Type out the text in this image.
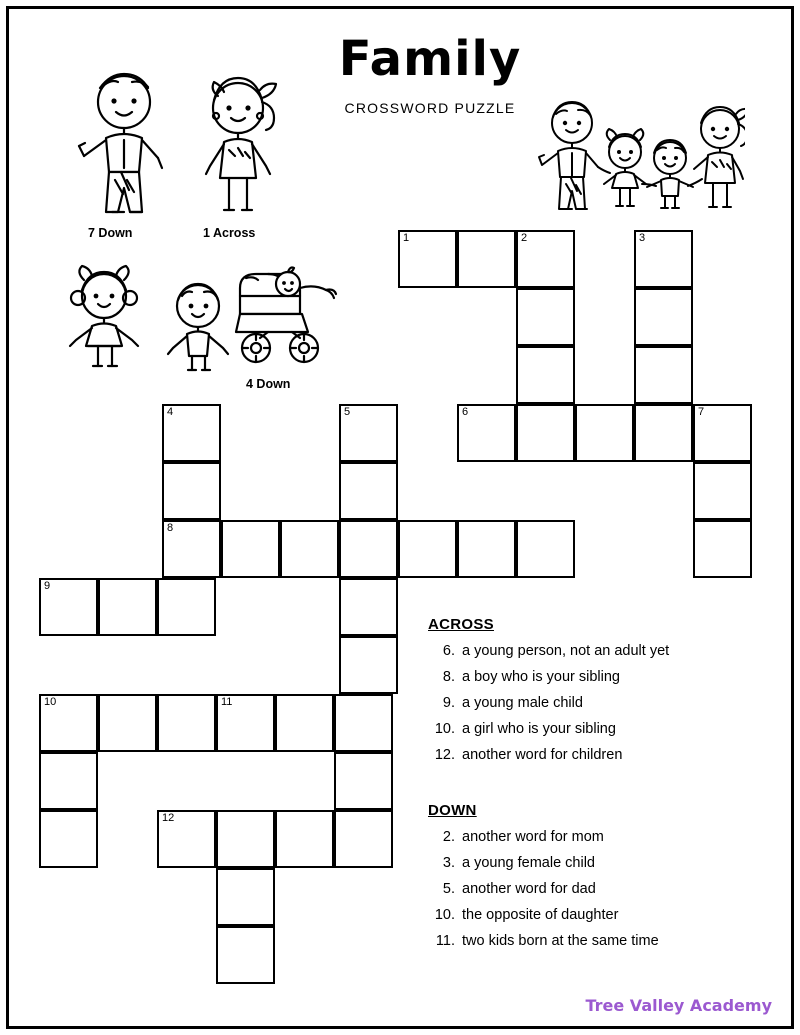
Family
CROSSWORD PUZZLE
7 Down	1 Across
4 Down
1	2	3
4	5	6	7
8
9
10	11
12
ACROSS
6. a young person, not an adult yet
8. a boy who is your sibling
9. a young male child
10. a girl who is your sibling
12. another word for children
DOWN
2. another word for mom
3. a young female child
5. another word for dad
10. the opposite of daughter
11. two kids born at the same time
Tree Valley Academy
